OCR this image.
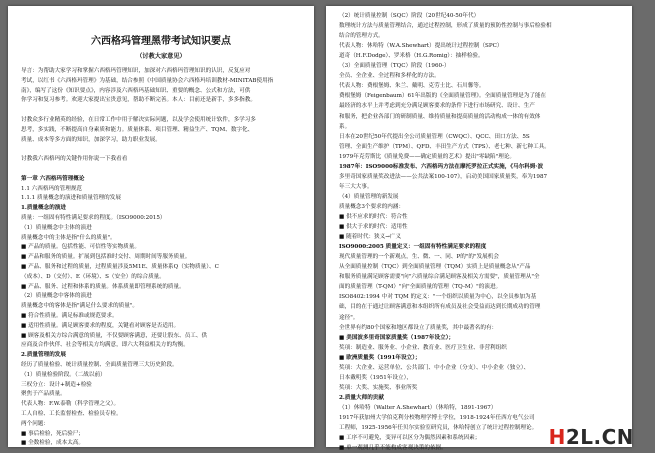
六西格玛管理黑带考试知识要点
（讨教大家意见）
导言：为帮助大家学习和掌握六西格玛管理知识，加深对六西格玛管理知识的认识，反复应对
考试，以红书《六西格玛管理》为基础，结合参照《中国质量协会六西格玛培训教材-MINITAB使用指
南》，编写了这份《知识要点》，内容涉及六西格玛基础知识、重要的概念、公式和方法，可供
你学习和复习参考。欢迎大家提出宝贵意见，帮助不断完善。本人：目前还是新手，多多指教。
讨教众多行业精英的经验，在日常工作中用于解决实际问题，以及学会使用统计软件，多学习多
思考，多实践，不断提高自身素质和能力。质量体系、项目管理、精益生产、TQM、数字化、
质量、成本等多方面的知识，加深学习，助力职业发展。
讨教我六西格玛的关键作用你说一下我看看
第一章 六西格玛管理概论
1.1 六西格玛的管理规范
1.1.1 质量概念的演进和质量管理的发展
1.质量概念的演进
质量：一组固有特性满足要求的程度。（ISO9000:2015）
（1）质量概念中主体的演进
质量概念中的主体是指"什么的质量"。
■ 产品的质量。包括性能、可信性等实物质量。
■ 产品和服务的质量。扩展到包括准时交付、周期时间等服务质量。
■ 产品、服务和过程的质量，过程质量涉及5M1E、质量体系Q（实物质量）、C
（成本）、D（交付）、E（环境）、S（安全）的综合质量。
■ 产品、服务、过程和体系的质量。体系质量即管理系统的质量。
（2）质量概念中客体的演进
质量概念中的客体是指"满足什么要求的质量"。
■ 符合性质量。满足标准或规范要求。
■ 适用性质量。满足顾客要求的程度，关键看对顾客是否适用。
■ 顾客及相关方综合满意的质量，不仅要顾客满意，还要让股东、员工、供
应商及合作伙伴、社会等相关方均满意，即六大利益相关方的均衡。
2.质量管理的发展
经历了质量检验、统计质量控制、全面质量管理三大历史阶段。
（1）质量检验阶段。（二战以前）
三权分立：设计+制造+检验
聚焦于产品质量。
代表人物：F.W.泰勒（科学管理之父）。
工人自检、工长监督检查、检验员专检。
两个问题：
■ 事后检验，死后验尸；
■ 全数检验，成本太高。
（2）统计质量控制（SQC）阶段（20世纪40-50年代）
数理统计方法与质量管理结合，通过过程控制，形成了质量的预防性控制与事后检验相
结合的管理方式。
代表人物：休哈特（W.A.Shewhart）提出统计过程控制（SPC）
道奇（H.F.Dodge）、罗米格（H.G.Romig）：抽样检验。
（3）全面质量管理（TQC）阶段（1960-）
全员、全企业、全过程和多样化的方法。
代表人物：费根堡姆、朱兰、戴明、克劳士比、石川馨等。
费根堡姆（Feigenbaum）61年出版的《全面质量管理》。全面质量管理是为了能在
最经济的水平上并考虑到充分满足顾客要求的条件下进行市场研究、设计、生产
和服务，把企业各部门的研制质量、维持质量和提高质量的活动构成一体的有效体
系。
日本在20世纪50年代提出全公司质量管理（CWQC）、QCC、田口方法、5S
管理、全面生产维护（TPM）、QFD、丰田生产方式（TPS）、老七种、新七种工具。
1979年克劳斯比《质量免费——确定质量的艺术》提出"零缺陷"理论。
1987年：ISO9000标准发布、六西格玛方法在摩托罗拉正式实施，《马尔科姆·波
多里奇国家质量奖改进法——公共法案100-107》，启动美国国家质量奖，奉为1987
年三大大事。
（4）质量管理的新发展
质量概念3个要求的内涵：
■ 供不应求的时代：符合性
■ 供大于求的时代：适用性
■ 随着时代：狭义→广义
ISO9000:2005 质量定义：一组固有特性满足要求的程度
现代质量管理的一个新观点，生、微、一、同、P的"的"发展机会
从全面质量控制（TQC）到全面质量管理（TQM）实质上是质量概念从"产品
和服务质量满足顾客需要"向"六质量综合满足顾客及相关方需要"，质量管理从"全
面的质量管理（T-QM）"向"全面质量的管理（TQ-M）"的演进。
ISO8402:1994 中对 TQM 的定义："一个组织以质量为中心，以全员参加为基
础，目的在于通过让顾客满意和本组织所有成员及社会受益而达到长期成功的管理
途径"。
全世界有约80个国家和地区都设立了质量奖，其中最著名的有：
■ 美国波多里奇国家质量奖（1987年设立）；
奖项：制造业、服务业、小企业、教育业、医疗卫生业、非营利组织
■ 欧洲质量奖（1991年设立）；
奖项：大企业、运营单位、公共部门、中小企业（分支）、中小企业（独立）、
日本戴明奖（1951年设立），
奖项：大奖、实施奖、事业所奖
2.质量大师的贡献
（1）休哈特（Walter A.Shewhart）（休哈特，1891-1967）
1917年获加州大学伯克利分校物理学博士学位，1918-1924年任西方电气公司
工程师，1925-1956年任贝尔实验室研究员，休哈特创立了统计过程控制理论。
■ 工序不可避免，变异可以区分为偶然因素和系统因素；
■ 单一观测几乎不能构成客观决策的依据。	H2L.CN
